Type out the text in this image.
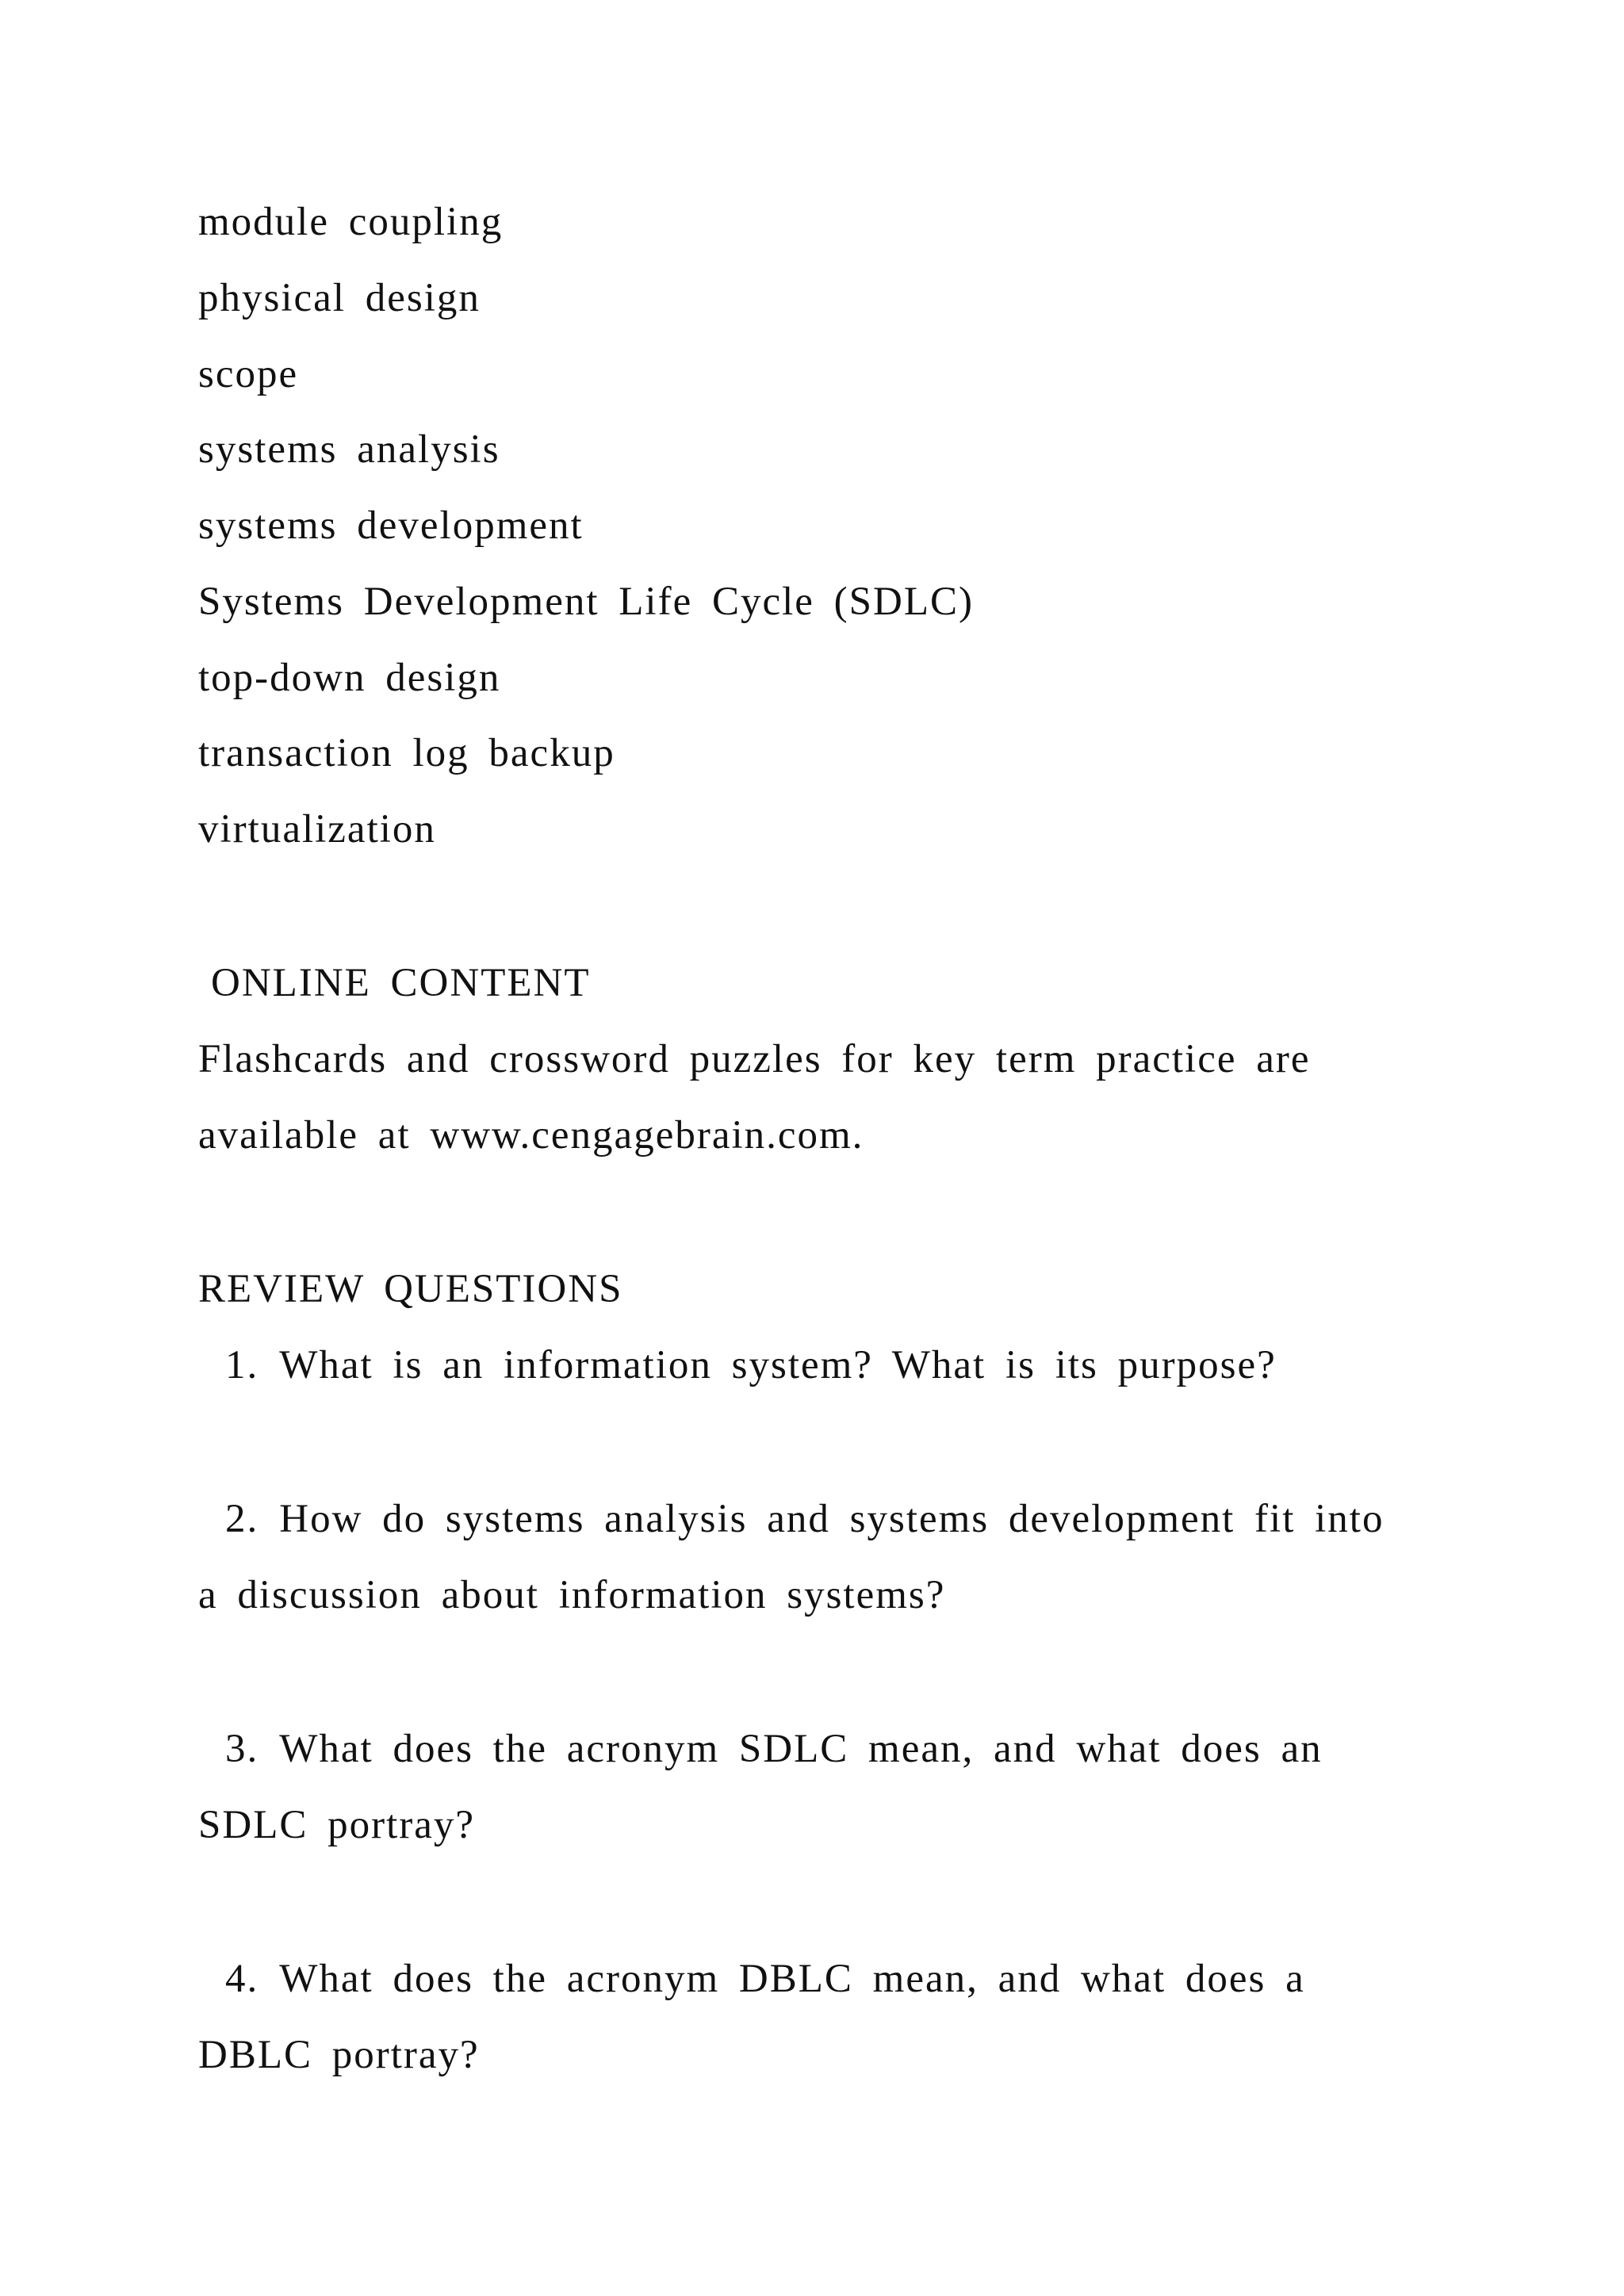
module coupling
physical design
scope
systems analysis
systems development
Systems Development Life Cycle (SDLC)
top-down design
transaction log backup
virtualization
ONLINE CONTENT
Flashcards and crossword puzzles for key term practice are
available at www.cengagebrain.com.
REVIEW QUESTIONS
1. What is an information system? What is its purpose?
2. How do systems analysis and systems development fit into
a discussion about information systems?
3. What does the acronym SDLC mean, and what does an
SDLC portray?
4. What does the acronym DBLC mean, and what does a
DBLC portray?
